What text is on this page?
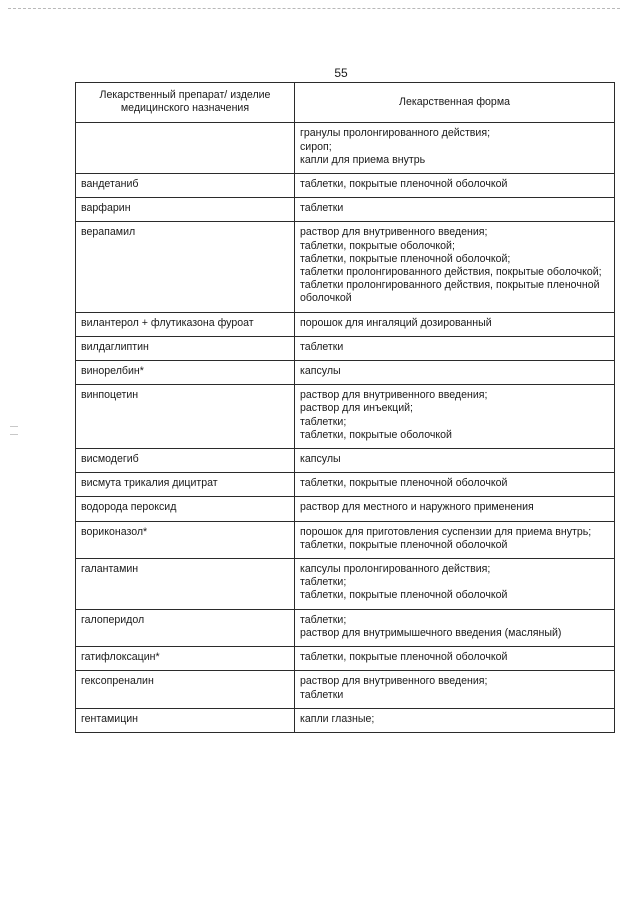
55
Лекарственный препарат/ изделие медицинского назначения	Лекарственная форма

	гранулы пролонгированного действия;
сироп;
капли для приема внутрь

вандетаниб	таблетки, покрытые пленочной оболочкой

варфарин	таблетки

верапамил	раствор для внутривенного введения;
таблетки, покрытые оболочкой;
таблетки, покрытые пленочной оболочкой;
таблетки пролонгированного действия, покрытые оболочкой;
таблетки пролонгированного действия, покрытые пленочной оболочкой

вилантерол + флутиказона фуроат	порошок для ингаляций дозированный

вилдаглиптин	таблетки

винорелбин*	капсулы

винпоцетин	раствор для внутривенного введения;
раствор для инъекций;
таблетки;
таблетки, покрытые оболочкой

висмодегиб	капсулы

висмута трикалия дицитрат	таблетки, покрытые пленочной оболочкой

водорода пероксид	раствор для местного и наружного применения

вориконазол*	порошок для приготовления суспензии для приема внутрь;
таблетки, покрытые пленочной оболочкой

галантамин	капсулы пролонгированного действия;
таблетки;
таблетки, покрытые пленочной оболочкой

галоперидол	таблетки;
раствор для внутримышечного введения (масляный)

гатифлоксацин*	таблетки, покрытые пленочной оболочкой

гексопреналин	раствор для внутривенного введения;
таблетки

гентамицин	капли глазные;
